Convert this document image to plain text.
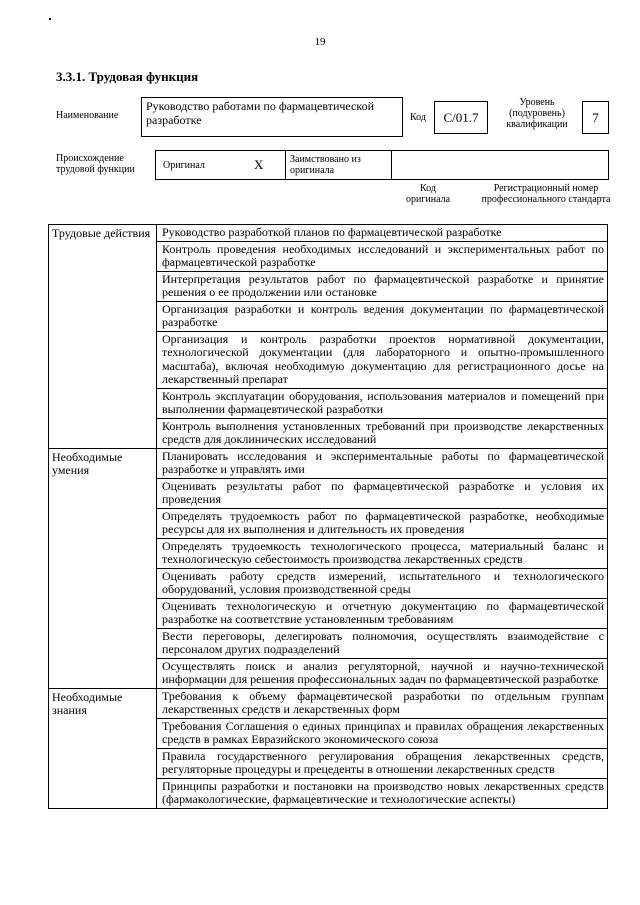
19
3.3.1. Трудовая функция
Наименование
Руководство работами по фармацевтической разработке	Код	С/01.7
Уровень (подуровень) квалификации	7
Происхождение трудовой функции	Оригинал	X	Заимствовано из оригинала
Код оригинала
Регистрационный номер профессионального стандарта
Трудовые действия	Руководство разработкой планов по фармацевтической разработке
	Контроль проведения необходимых исследований и экспериментальных работ по фармацевтической разработке
	Интерпретация результатов работ по фармацевтической разработке и принятие решения о ее продолжении или остановке
	Организация разработки и контроль ведения документации по фармацевтической разработке
	Организация и контроль разработки проектов нормативной документации, технологической документации (для лабораторного и опытно-промышленного масштаба), включая необходимую документацию для регистрационного досье на лекарственный препарат
	Контроль эксплуатации оборудования, использования материалов и помещений при выполнении фармацевтической разработки
	Контроль выполнения установленных требований при производстве лекарственных средств для доклинических исследований
Необходимые умения	Планировать исследования и экспериментальные работы по фармацевтической разработке и управлять ими
	Оценивать результаты работ по фармацевтической разработке и условия их проведения
	Определять трудоемкость работ по фармацевтической разработке, необходимые ресурсы для их выполнения и длительность их проведения
	Определять трудоемкость технологического процесса, материальный баланс и технологическую себестоимость производства лекарственных средств
	Оценивать работу средств измерений, испытательного и технологического оборудований, условия производственной среды
	Оценивать технологическую и отчетную документацию по фармацевтической разработке на соответствие установленным требованиям
	Вести переговоры, делегировать полномочия, осуществлять взаимодействие с персоналом других подразделений
	Осуществлять поиск и анализ регуляторной, научной и научно-технической информации для решения профессиональных задач по фармацевтической разработке
Необходимые знания	Требования к объему фармацевтической разработки по отдельным группам лекарственных средств и лекарственных форм
	Требования Соглашения о единых принципах и правилах обращения лекарственных средств в рамках Евразийского экономического союза
	Правила государственного регулирования обращения лекарственных средств, регуляторные процедуры и прецеденты в отношении лекарственных средств
	Принципы разработки и постановки на производство новых лекарственных средств (фармакологические, фармацевтические и технологические аспекты)
